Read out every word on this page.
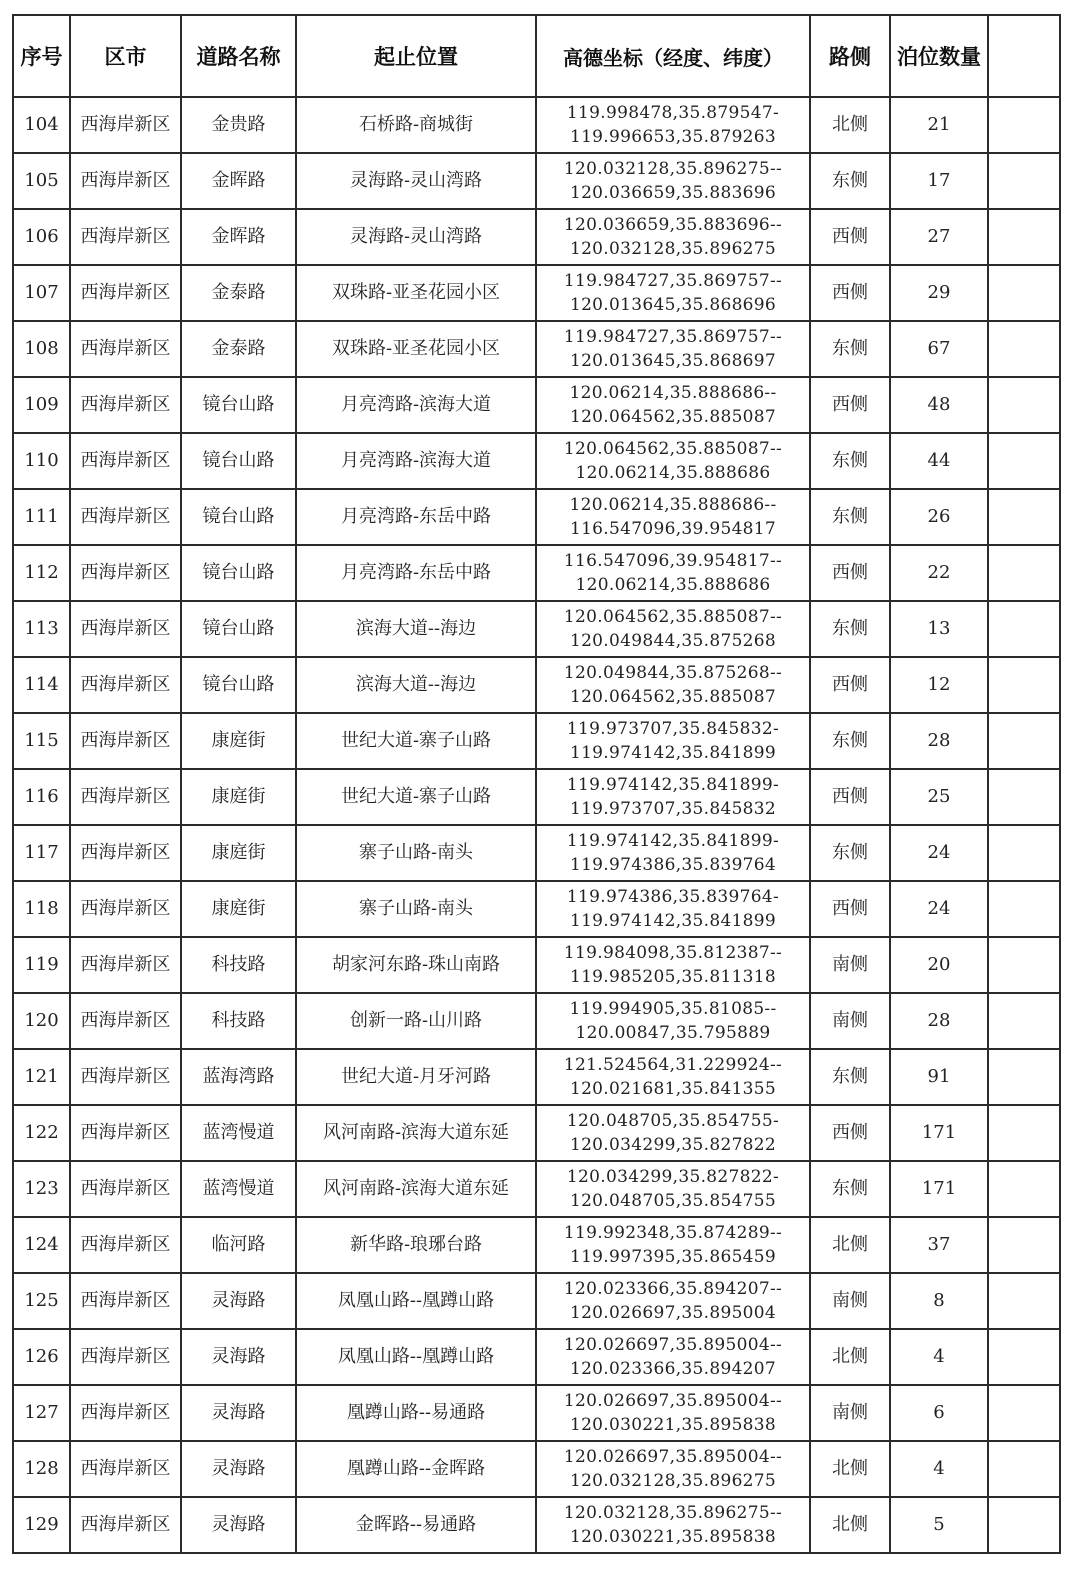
序号	区市	道路名称	起止位置	高德坐标（经度、纬度）	路侧	泊位数量	
104	西海岸新区	金贵路	石桥路-商城街	119.998478,35.879547-
119.996653,35.879263	北侧	21	
105	西海岸新区	金晖路	灵海路-灵山湾路	120.032128,35.896275--
120.036659,35.883696	东侧	17	
106	西海岸新区	金晖路	灵海路-灵山湾路	120.036659,35.883696--
120.032128,35.896275	西侧	27	
107	西海岸新区	金泰路	双珠路-亚圣花园小区	119.984727,35.869757--
120.013645,35.868696	西侧	29	
108	西海岸新区	金泰路	双珠路-亚圣花园小区	119.984727,35.869757--
120.013645,35.868697	东侧	67	
109	西海岸新区	镜台山路	月亮湾路-滨海大道	120.06214,35.888686--
120.064562,35.885087	西侧	48	
110	西海岸新区	镜台山路	月亮湾路-滨海大道	120.064562,35.885087--
120.06214,35.888686	东侧	44	
111	西海岸新区	镜台山路	月亮湾路-东岳中路	120.06214,35.888686--
116.547096,39.954817	东侧	26	
112	西海岸新区	镜台山路	月亮湾路-东岳中路	116.547096,39.954817--
120.06214,35.888686	西侧	22	
113	西海岸新区	镜台山路	滨海大道--海边	120.064562,35.885087--
120.049844,35.875268	东侧	13	
114	西海岸新区	镜台山路	滨海大道--海边	120.049844,35.875268--
120.064562,35.885087	西侧	12	
115	西海岸新区	康庭街	世纪大道-寨子山路	119.973707,35.845832-
119.974142,35.841899	东侧	28	
116	西海岸新区	康庭街	世纪大道-寨子山路	119.974142,35.841899-
119.973707,35.845832	西侧	25	
117	西海岸新区	康庭街	寨子山路-南头	119.974142,35.841899-
119.974386,35.839764	东侧	24	
118	西海岸新区	康庭街	寨子山路-南头	119.974386,35.839764-
119.974142,35.841899	西侧	24	
119	西海岸新区	科技路	胡家河东路-珠山南路	119.984098,35.812387--
119.985205,35.811318	南侧	20	
120	西海岸新区	科技路	创新一路-山川路	119.994905,35.81085--
120.00847,35.795889	南侧	28	
121	西海岸新区	蓝海湾路	世纪大道-月牙河路	121.524564,31.229924--
120.021681,35.841355	东侧	91	
122	西海岸新区	蓝湾慢道	风河南路-滨海大道东延	120.048705,35.854755-
120.034299,35.827822	西侧	171	
123	西海岸新区	蓝湾慢道	风河南路-滨海大道东延	120.034299,35.827822-
120.048705,35.854755	东侧	171	
124	西海岸新区	临河路	新华路-琅琊台路	119.992348,35.874289--
119.997395,35.865459	北侧	37	
125	西海岸新区	灵海路	凤凰山路--凰蹲山路	120.023366,35.894207--
120.026697,35.895004	南侧	8	
126	西海岸新区	灵海路	凤凰山路--凰蹲山路	120.026697,35.895004--
120.023366,35.894207	北侧	4	
127	西海岸新区	灵海路	凰蹲山路--易通路	120.026697,35.895004--
120.030221,35.895838	南侧	6	
128	西海岸新区	灵海路	凰蹲山路--金晖路	120.026697,35.895004--
120.032128,35.896275	北侧	4	
129	西海岸新区	灵海路	金晖路--易通路	120.032128,35.896275--
120.030221,35.895838	北侧	5	
